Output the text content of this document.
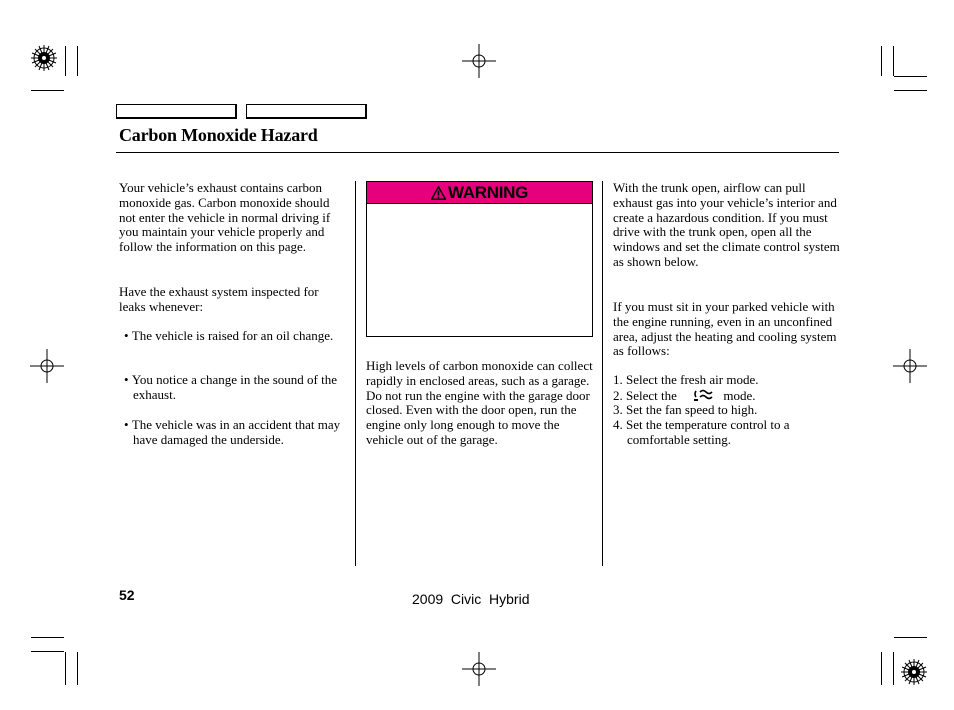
Carbon Monoxide Hazard

Your vehicle’s exhaust contains carbon monoxide gas. Carbon monoxide should not enter the vehicle in normal driving if you maintain your vehicle properly and follow the information on this page.

Have the exhaust system inspected for leaks whenever:

• The vehicle is raised for an oil change.

• You notice a change in the sound of the exhaust.

• The vehicle was in an accident that may have damaged the underside.

WARNING

High levels of carbon monoxide can collect rapidly in enclosed areas, such as a garage. Do not run the engine with the garage door closed. Even with the door open, run the engine only long enough to move the vehicle out of the garage.

With the trunk open, airflow can pull exhaust gas into your vehicle’s interior and create a hazardous condition. If you must drive with the trunk open, open all the windows and set the climate control system as shown below.

If you must sit in your parked vehicle with the engine running, even in an unconfined area, adjust the heating and cooling system as follows:

1. Select the fresh air mode.

2. Select the	mode.

3. Set the fan speed to high.

4. Set the temperature control to a comfortable setting.

52	2009  Civic  Hybrid
